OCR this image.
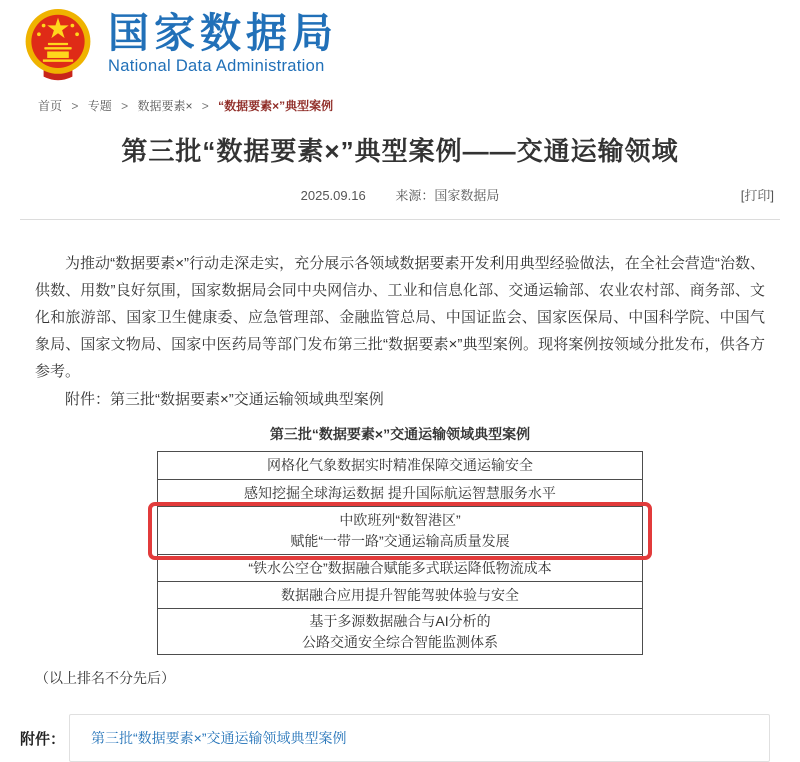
国家数据局
National Data Administration
首页 > 专题 > 数据要素× > “数据要素×”典型案例
第三批“数据要素×”典型案例——交通运输领域
2025.09.16 来源：国家数据局	[打印]

为推动“数据要素×”行动走深走实，充分展示各领域数据要素开发利用典型经验做法，在全社会营造“治数、供数、用数”良好氛围，国家数据局会同中央网信办、工业和信息化部、交通运输部、农业农村部、商务部、文化和旅游部、国家卫生健康委、应急管理部、金融监管总局、中国证监会、国家医保局、中国科学院、中国气象局、国家文物局、国家中医药局等部门发布第三批“数据要素×”典型案例。现将案例按领域分批发布，供各方参考。

附件：第三批“数据要素×”交通运输领域典型案例

第三批“数据要素×”交通运输领域典型案例
网格化气象数据实时精准保障交通运输安全
感知挖掘全球海运数据 提升国际航运智慧服务水平
中欧班列“数智港区”
赋能“一带一路”交通运输高质量发展
“铁水公空仓”数据融合赋能多式联运降低物流成本
数据融合应用提升智能驾驶体验与安全
基于多源数据融合与AI分析的
公路交通安全综合智能监测体系
（以上排名不分先后）
附件：	第三批“数据要素×”交通运输领域典型案例
